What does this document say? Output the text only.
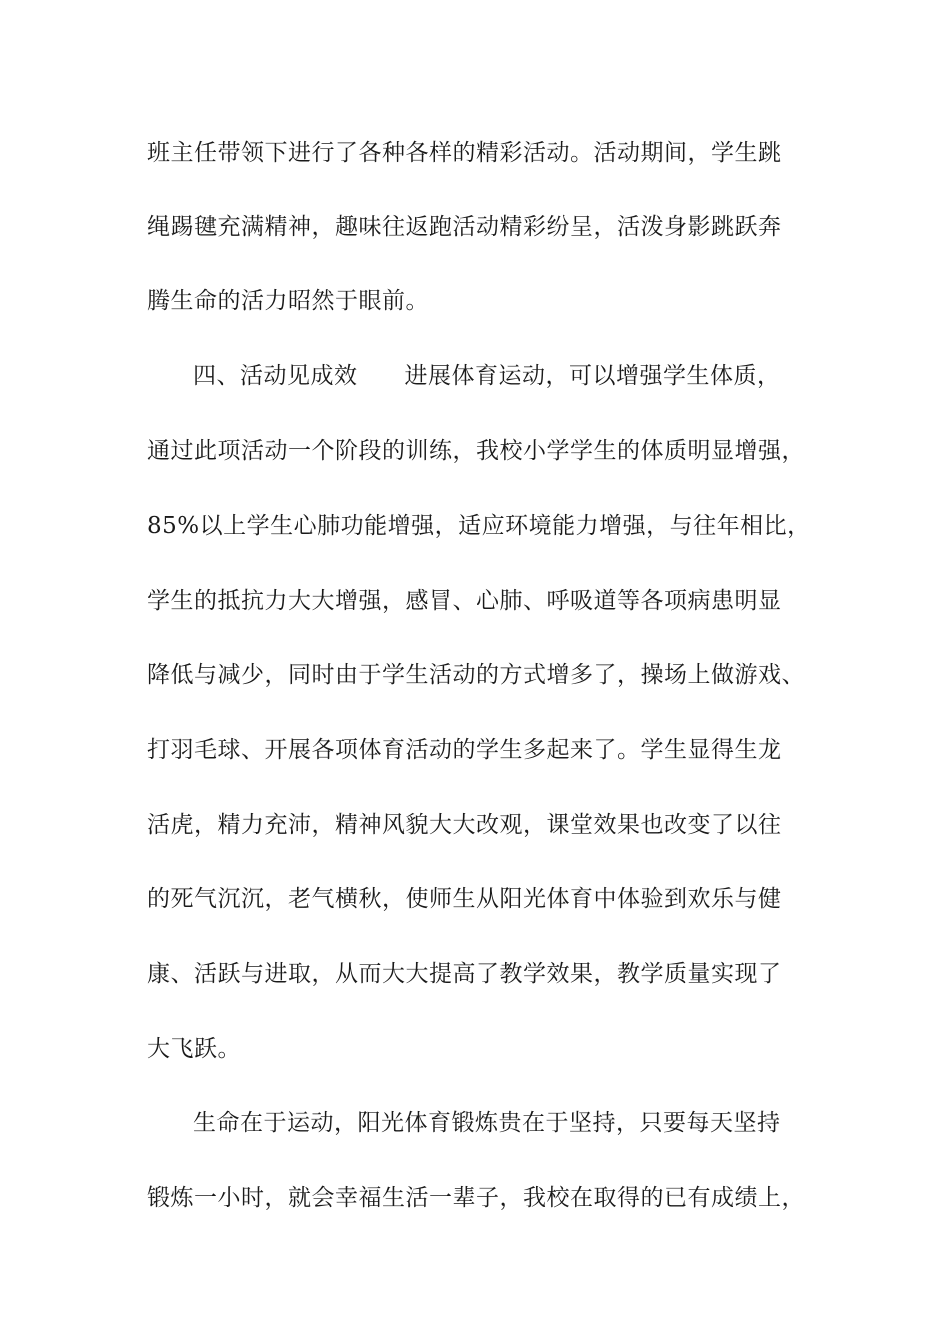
班主任带领下进行了各种各样的精彩活动。活动期间，学生跳
绳踢毽充满精神，趣味往返跑活动精彩纷呈，活泼身影跳跃奔
腾生命的活力昭然于眼前。
四、活动见成效　　进展体育运动，可以增强学生体质，
通过此项活动一个阶段的训练，我校小学学生的体质明显增强，
85%以上学生心肺功能增强，适应环境能力增强，与往年相比，
学生的抵抗力大大增强，感冒、心肺、呼吸道等各项病患明显
降低与减少，同时由于学生活动的方式增多了，操场上做游戏、
打羽毛球、开展各项体育活动的学生多起来了。学生显得生龙
活虎，精力充沛，精神风貌大大改观，课堂效果也改变了以往
的死气沉沉，老气横秋，使师生从阳光体育中体验到欢乐与健
康、活跃与进取，从而大大提高了教学效果，教学质量实现了
大飞跃。
生命在于运动，阳光体育锻炼贵在于坚持，只要每天坚持
锻炼一小时，就会幸福生活一辈子，我校在取得的已有成绩上，
